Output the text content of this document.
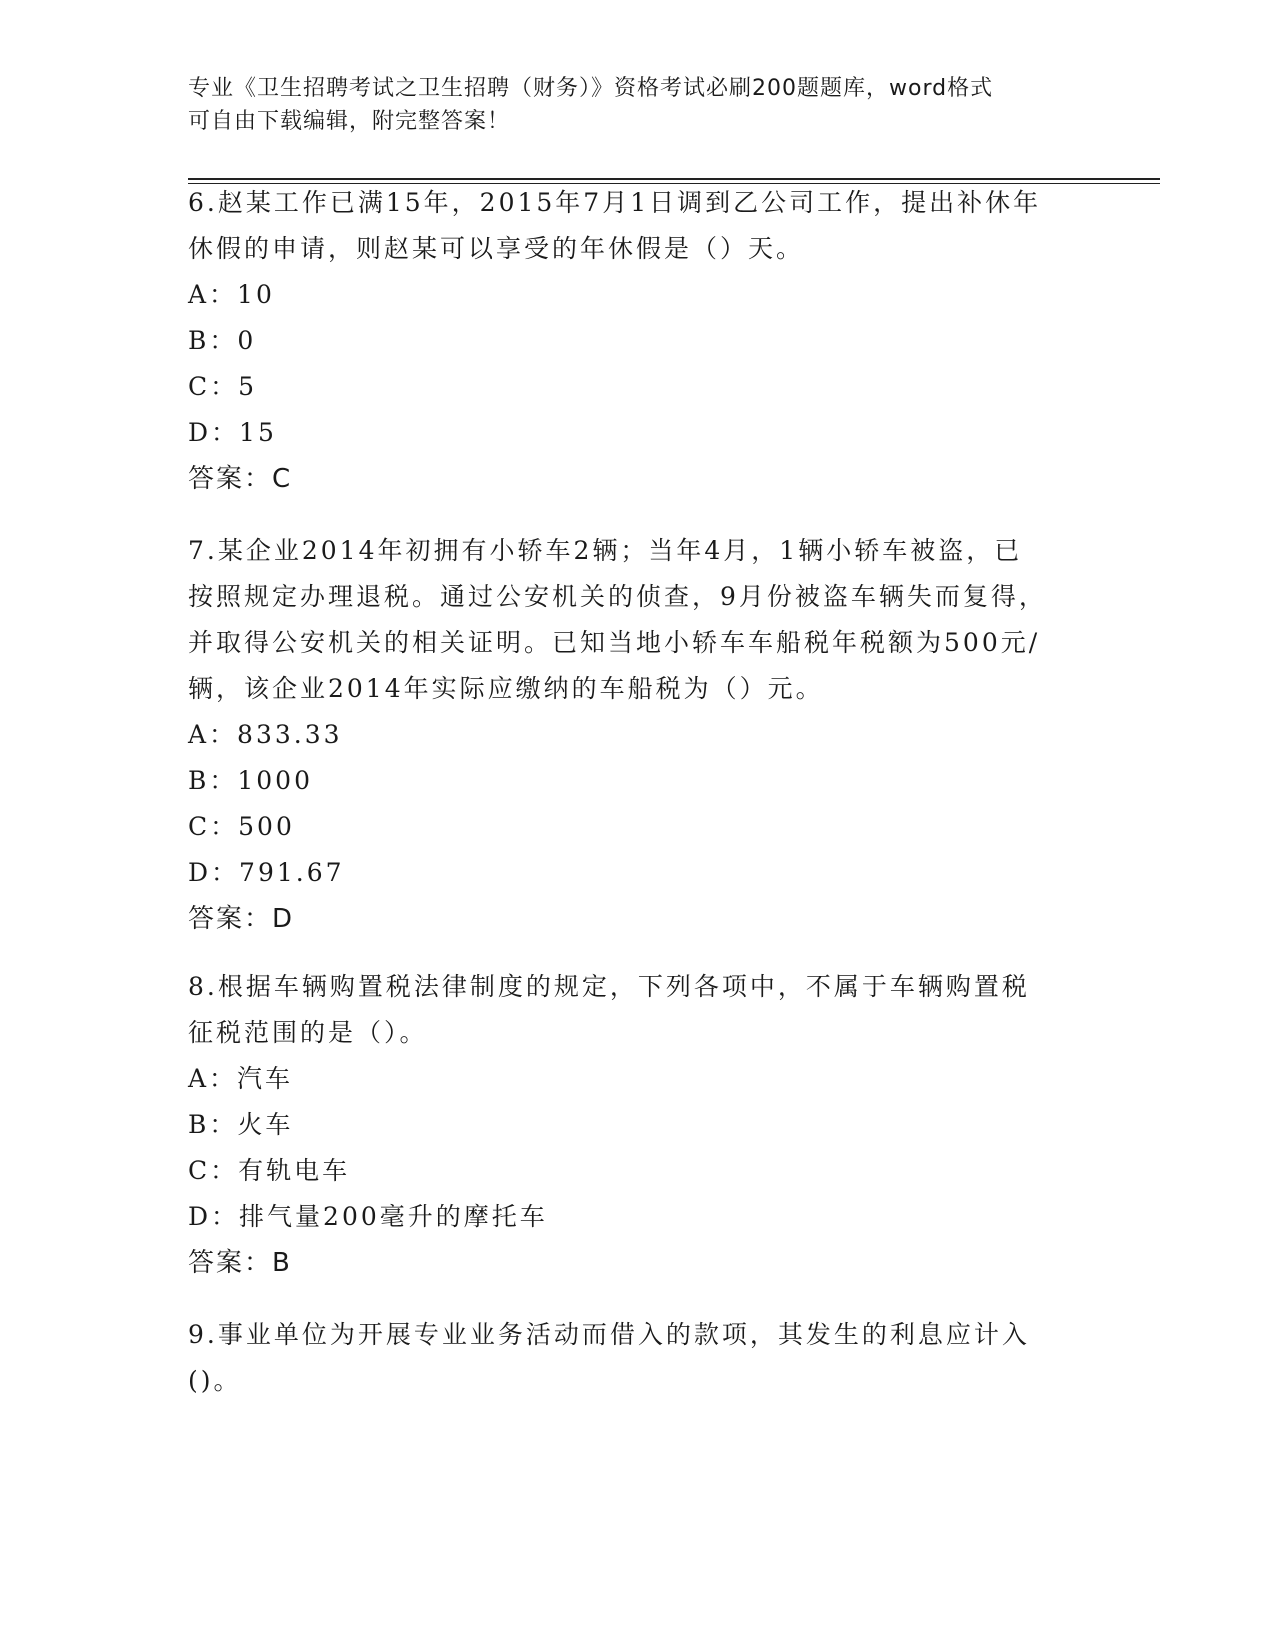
专业《卫生招聘考试之卫生招聘（财务）》资格考试必刷200题题库，word格式
可自由下载编辑，附完整答案！
6.赵某工作已满15年，2015年7月1日调到乙公司工作，提出补休年
休假的申请，则赵某可以享受的年休假是（）天。
A：10
B：0
C：5
D：15
答案：C
7.某企业2014年初拥有小轿车2辆；当年4月，1辆小轿车被盗，已
按照规定办理退税。通过公安机关的侦查，9月份被盗车辆失而复得，
并取得公安机关的相关证明。已知当地小轿车车船税年税额为500元/
辆，该企业2014年实际应缴纳的车船税为（）元。
A：833.33
B：1000
C：500
D：791.67
答案：D
8.根据车辆购置税法律制度的规定，下列各项中，不属于车辆购置税
征税范围的是（）。
A：汽车
B：火车
C：有轨电车
D：排气量200毫升的摩托车
答案：B
9.事业单位为开展专业业务活动而借入的款项，其发生的利息应计入
()。
